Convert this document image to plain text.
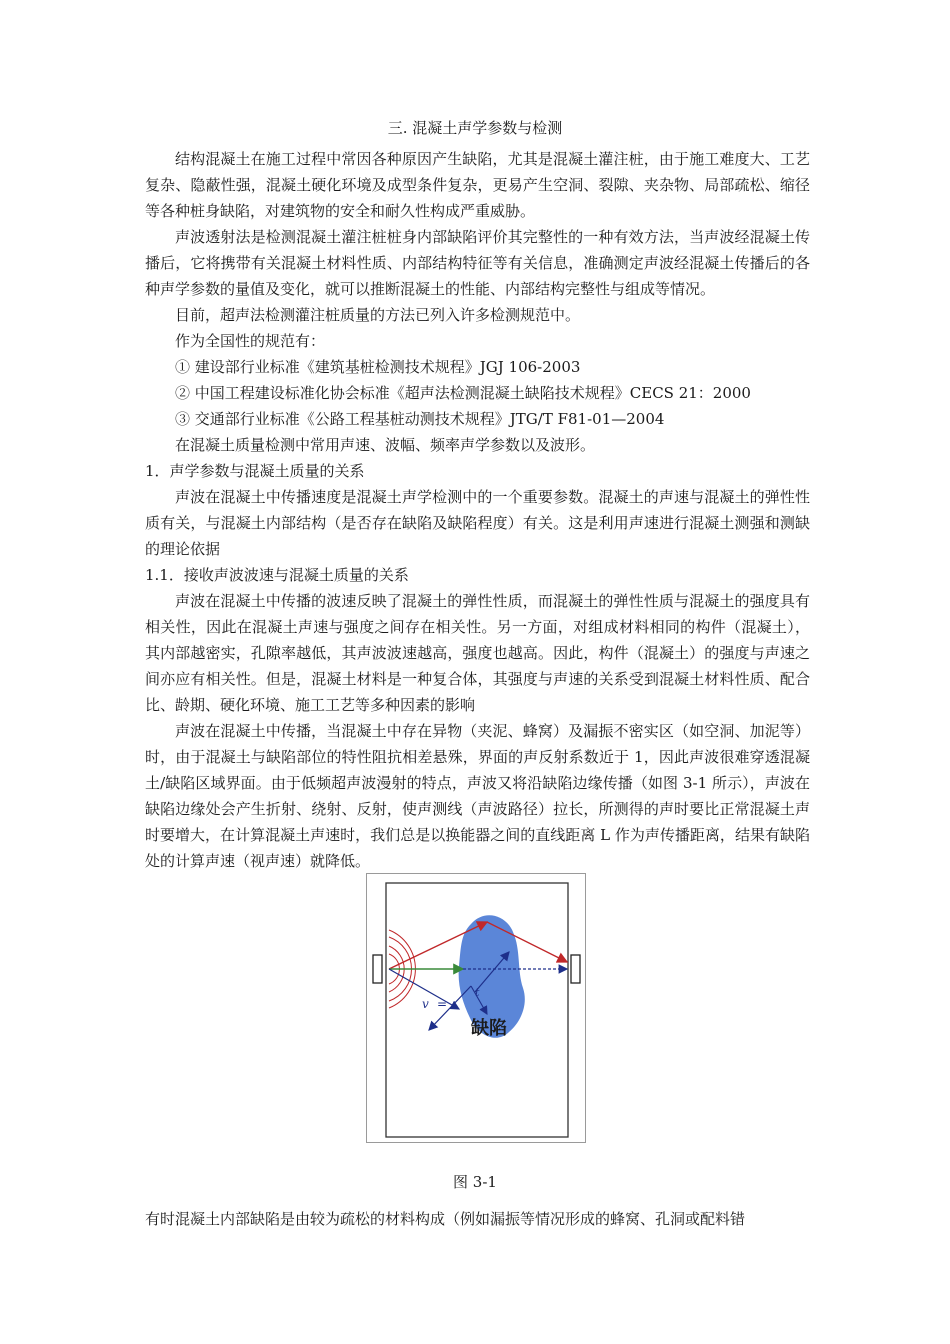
三. 混凝土声学参数与检测

结构混凝土在施工过程中常因各种原因产生缺陷，尤其是混凝土灌注桩，由于施工难度大、工艺复杂、隐蔽性强，混凝土硬化环境及成型条件复杂，更易产生空洞、裂隙、夹杂物、局部疏松、缩径等各种桩身缺陷，对建筑物的安全和耐久性构成严重威胁。

声波透射法是检测混凝土灌注桩桩身内部缺陷评价其完整性的一种有效方法，当声波经混凝土传播后，它将携带有关混凝土材料性质、内部结构特征等有关信息，准确测定声波经混凝土传播后的各种声学参数的量值及变化，就可以推断混凝土的性能、内部结构完整性与组成等情况。

目前，超声法检测灌注桩质量的方法已列入许多检测规范中。

作为全国性的规范有：

① 建设部行业标准《建筑基桩检测技术规程》JGJ 106-2003

② 中国工程建设标准化协会标准《超声法检测混凝土缺陷技术规程》CECS 21：2000

③ 交通部行业标准《公路工程基桩动测技术规程》JTG/T F81-01—2004

在混凝土质量检测中常用声速、波幅、频率声学参数以及波形。

1．声学参数与混凝土质量的关系

声波在混凝土中传播速度是混凝土声学检测中的一个重要参数。混凝土的声速与混凝土的弹性性质有关，与混凝土内部结构（是否存在缺陷及缺陷程度）有关。这是利用声速进行混凝土测强和测缺的理论依据

1.1．接收声波波速与混凝土质量的关系

声波在混凝土中传播的波速反映了混凝土的弹性性质，而混凝土的弹性性质与混凝土的强度具有相关性，因此在混凝土声速与强度之间存在相关性。另一方面，对组成材料相同的构件（混凝土），其内部越密实，孔隙率越低，其声波波速越高，强度也越高。因此，构件（混凝土）的强度与声速之间亦应有相关性。但是，混凝土材料是一种复合体，其强度与声速的关系受到混凝土材料性质、配合比、龄期、硬化环境、施工工艺等多种因素的影响

声波在混凝土中传播，当混凝土中存在异物（夹泥、蜂窝）及漏振不密实区（如空洞、加泥等）时，由于混凝土与缺陷部位的特性阻抗相差悬殊，界面的声反射系数近于 1，因此声波很难穿透混凝土/缺陷区域界面。由于低频超声波漫射的特点，声波又将沿缺陷边缘传播（如图 3-1 所示），声波在缺陷边缘处会产生折射、绕射、反射，使声测线（声波路径）拉长，所测得的声时要比正常混凝土声时要增大，在计算混凝土声速时，我们总是以换能器之间的直线距离 L 作为声传播距离，结果有缺陷处的计算声速（视声速）就降低。

v =
t
缺陷
图 3-1
有时混凝土内部缺陷是由较为疏松的材料构成（例如漏振等情况形成的蜂窝、孔洞或配料错
